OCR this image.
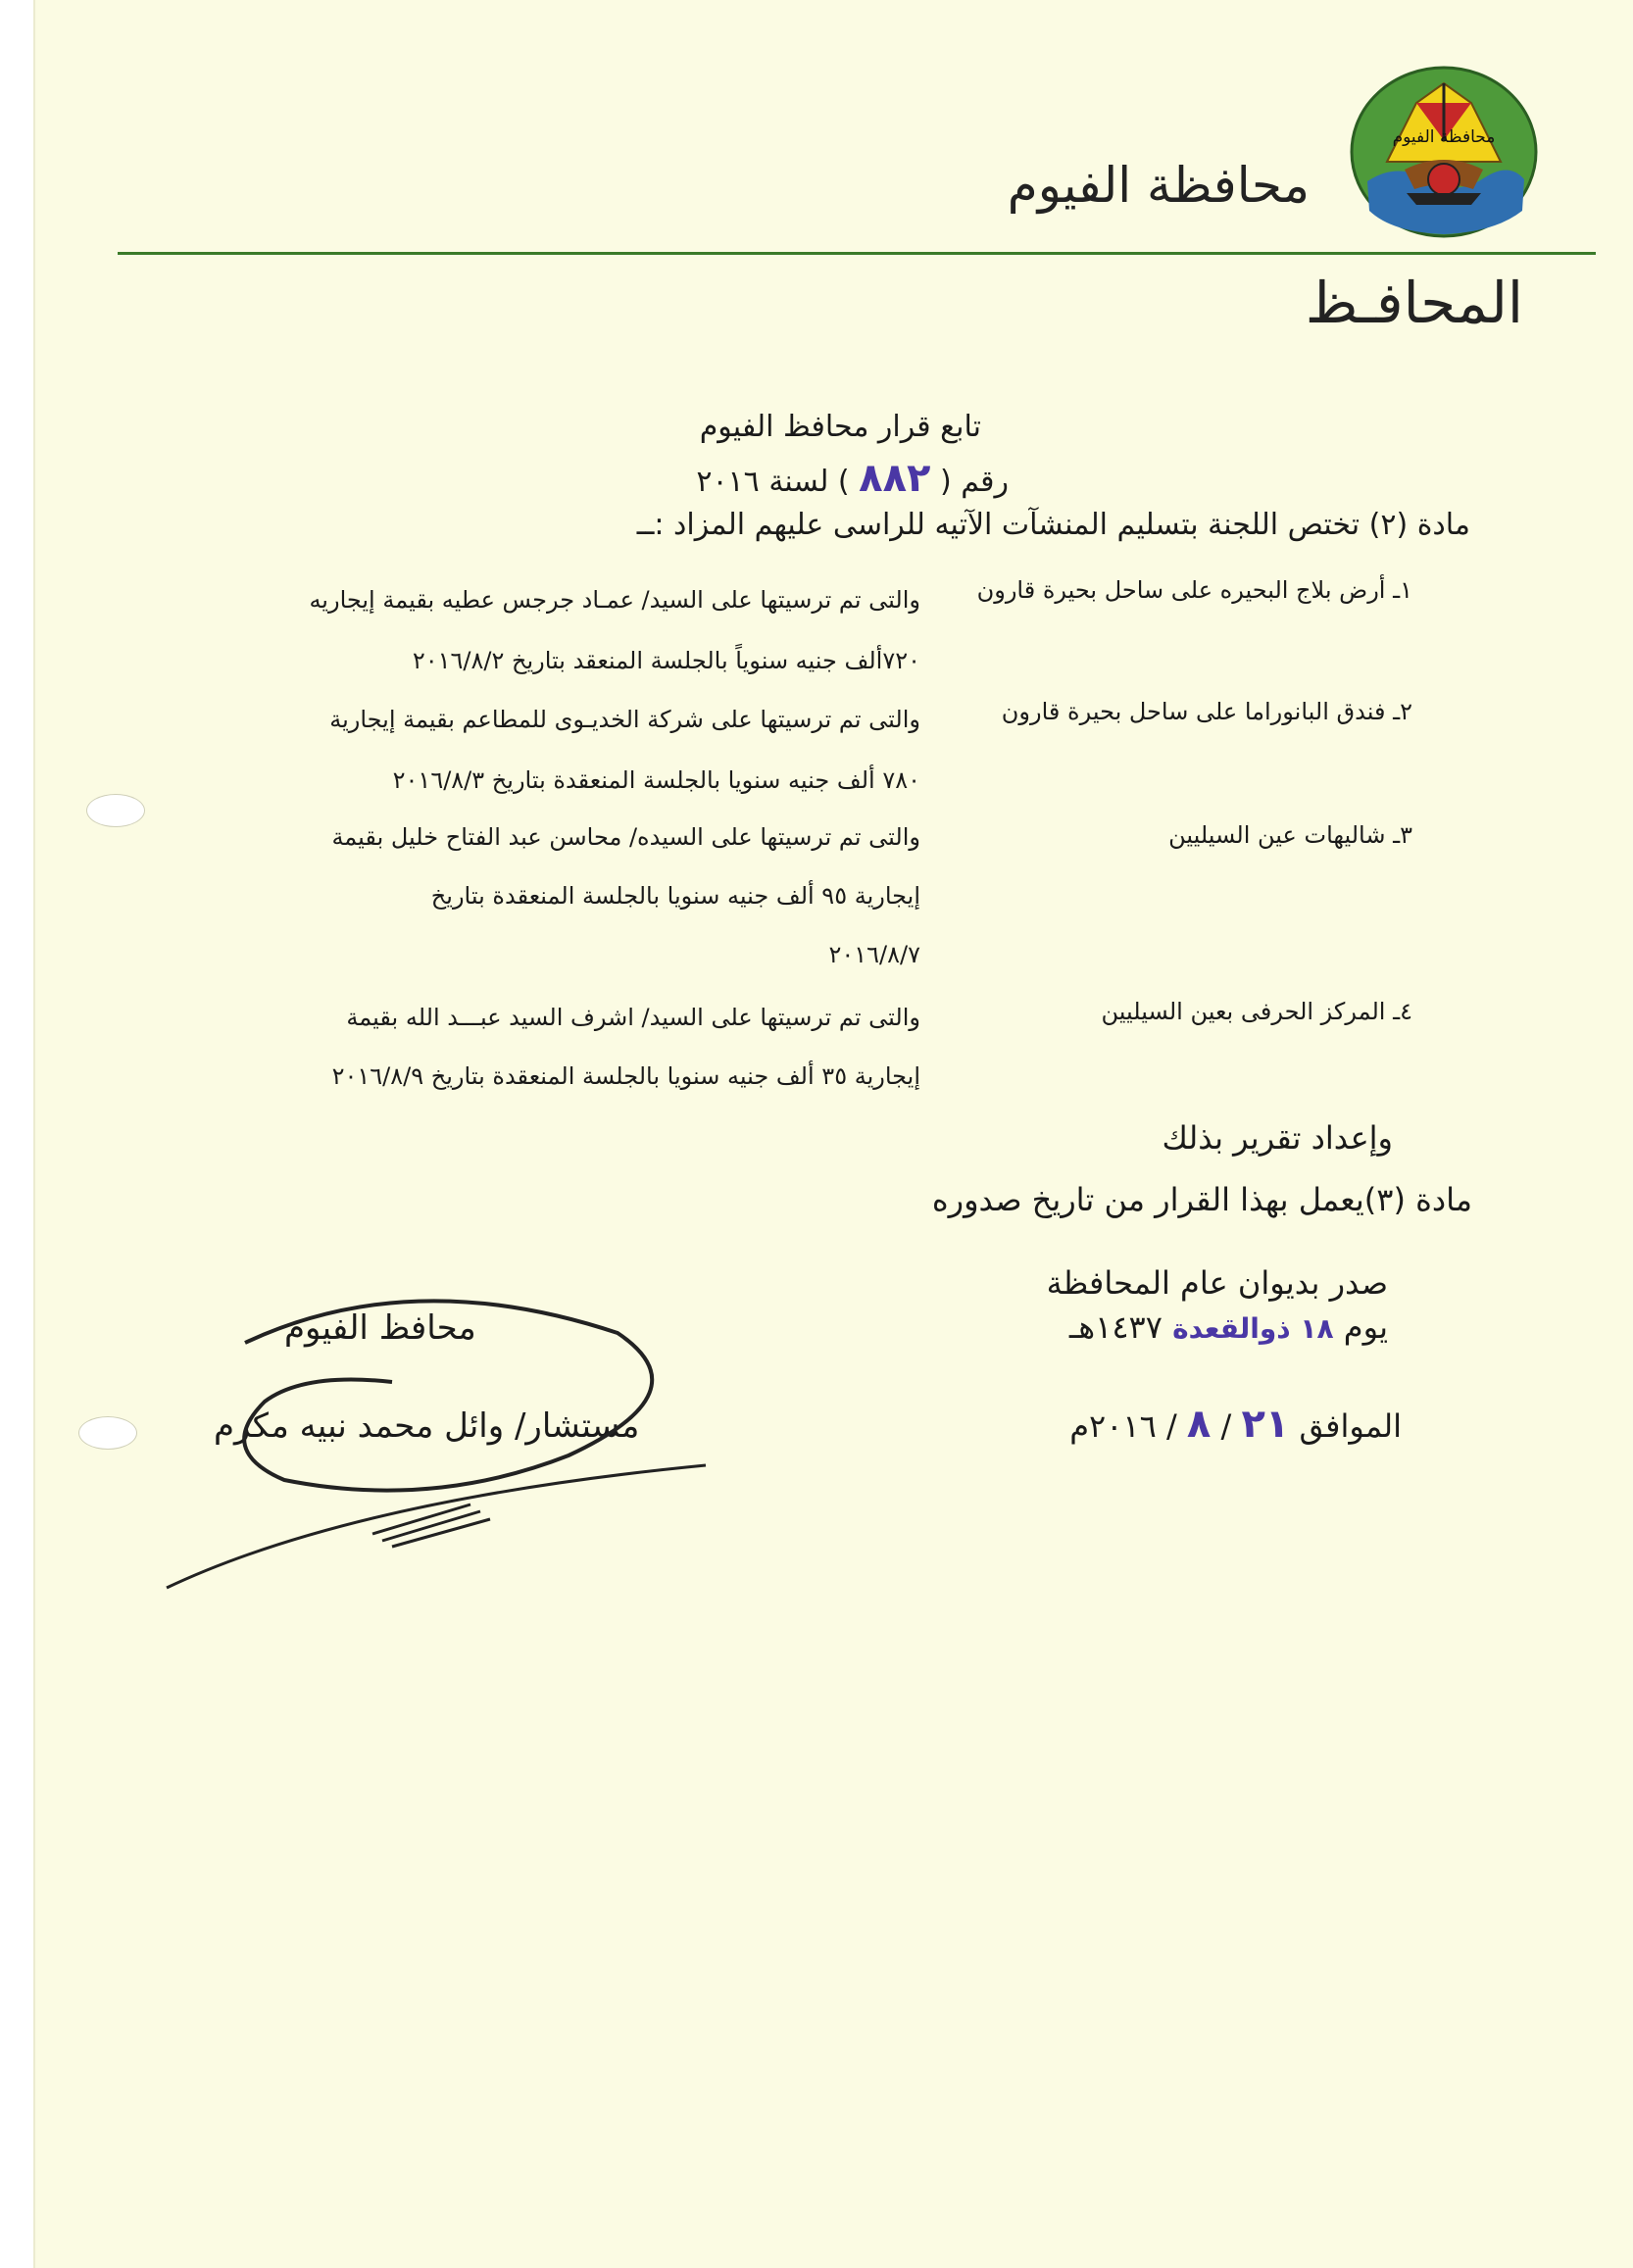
محافظة الفيوم
محافظة الفيوم
المحافـظ
تابع قرار محافظ الفيوم
رقم ( ٨٨٢ ) لسنة ٢٠١٦
مادة (٢) تختص اللجنة بتسليم المنشآت الآتيه للراسى عليهم المزاد :ــ
١ـ أرض بلاج البحيره على ساحل بحيرة قارون
والتى تم ترسيتها على السيد/ عمـاد جرجس عطيه بقيمة إيجاريه
٧٢٠ألف جنيه سنوياً بالجلسة المنعقد بتاريخ ٢٠١٦/٨/٢
٢ـ فندق البانوراما على ساحل بحيرة قارون
والتى تم ترسيتها على شركة الخديـوى للمطاعم بقيمة إيجارية
٧٨٠ ألف جنيه سنويا بالجلسة المنعقدة بتاريخ ٢٠١٦/٨/٣
٣ـ شاليهات عين السيليين
والتى تم ترسيتها على السيده/ محاسن عبد الفتاح خليل بقيمة
إيجارية ٩٥ ألف جنيه سنويا بالجلسة المنعقدة بتاريخ
٢٠١٦/٨/٧
٤ـ المركز الحرفى بعين السيليين
والتى تم ترسيتها على السيد/ اشرف السيد عبـــد الله بقيمة
إيجارية ٣٥ ألف جنيه سنويا بالجلسة المنعقدة بتاريخ ٢٠١٦/٨/٩
وإعداد تقرير بذلك
مادة (٣)يعمل بهذا القرار من تاريخ صدوره
صدر بديوان عام المحافظة
يوم ١٨ ذوالقعدة ١٤٣٧هـ
الموافق ٢١ / ٨ / ٢٠١٦م
محافظ الفيوم
مستشار/ وائل محمد نبيه مكرم
